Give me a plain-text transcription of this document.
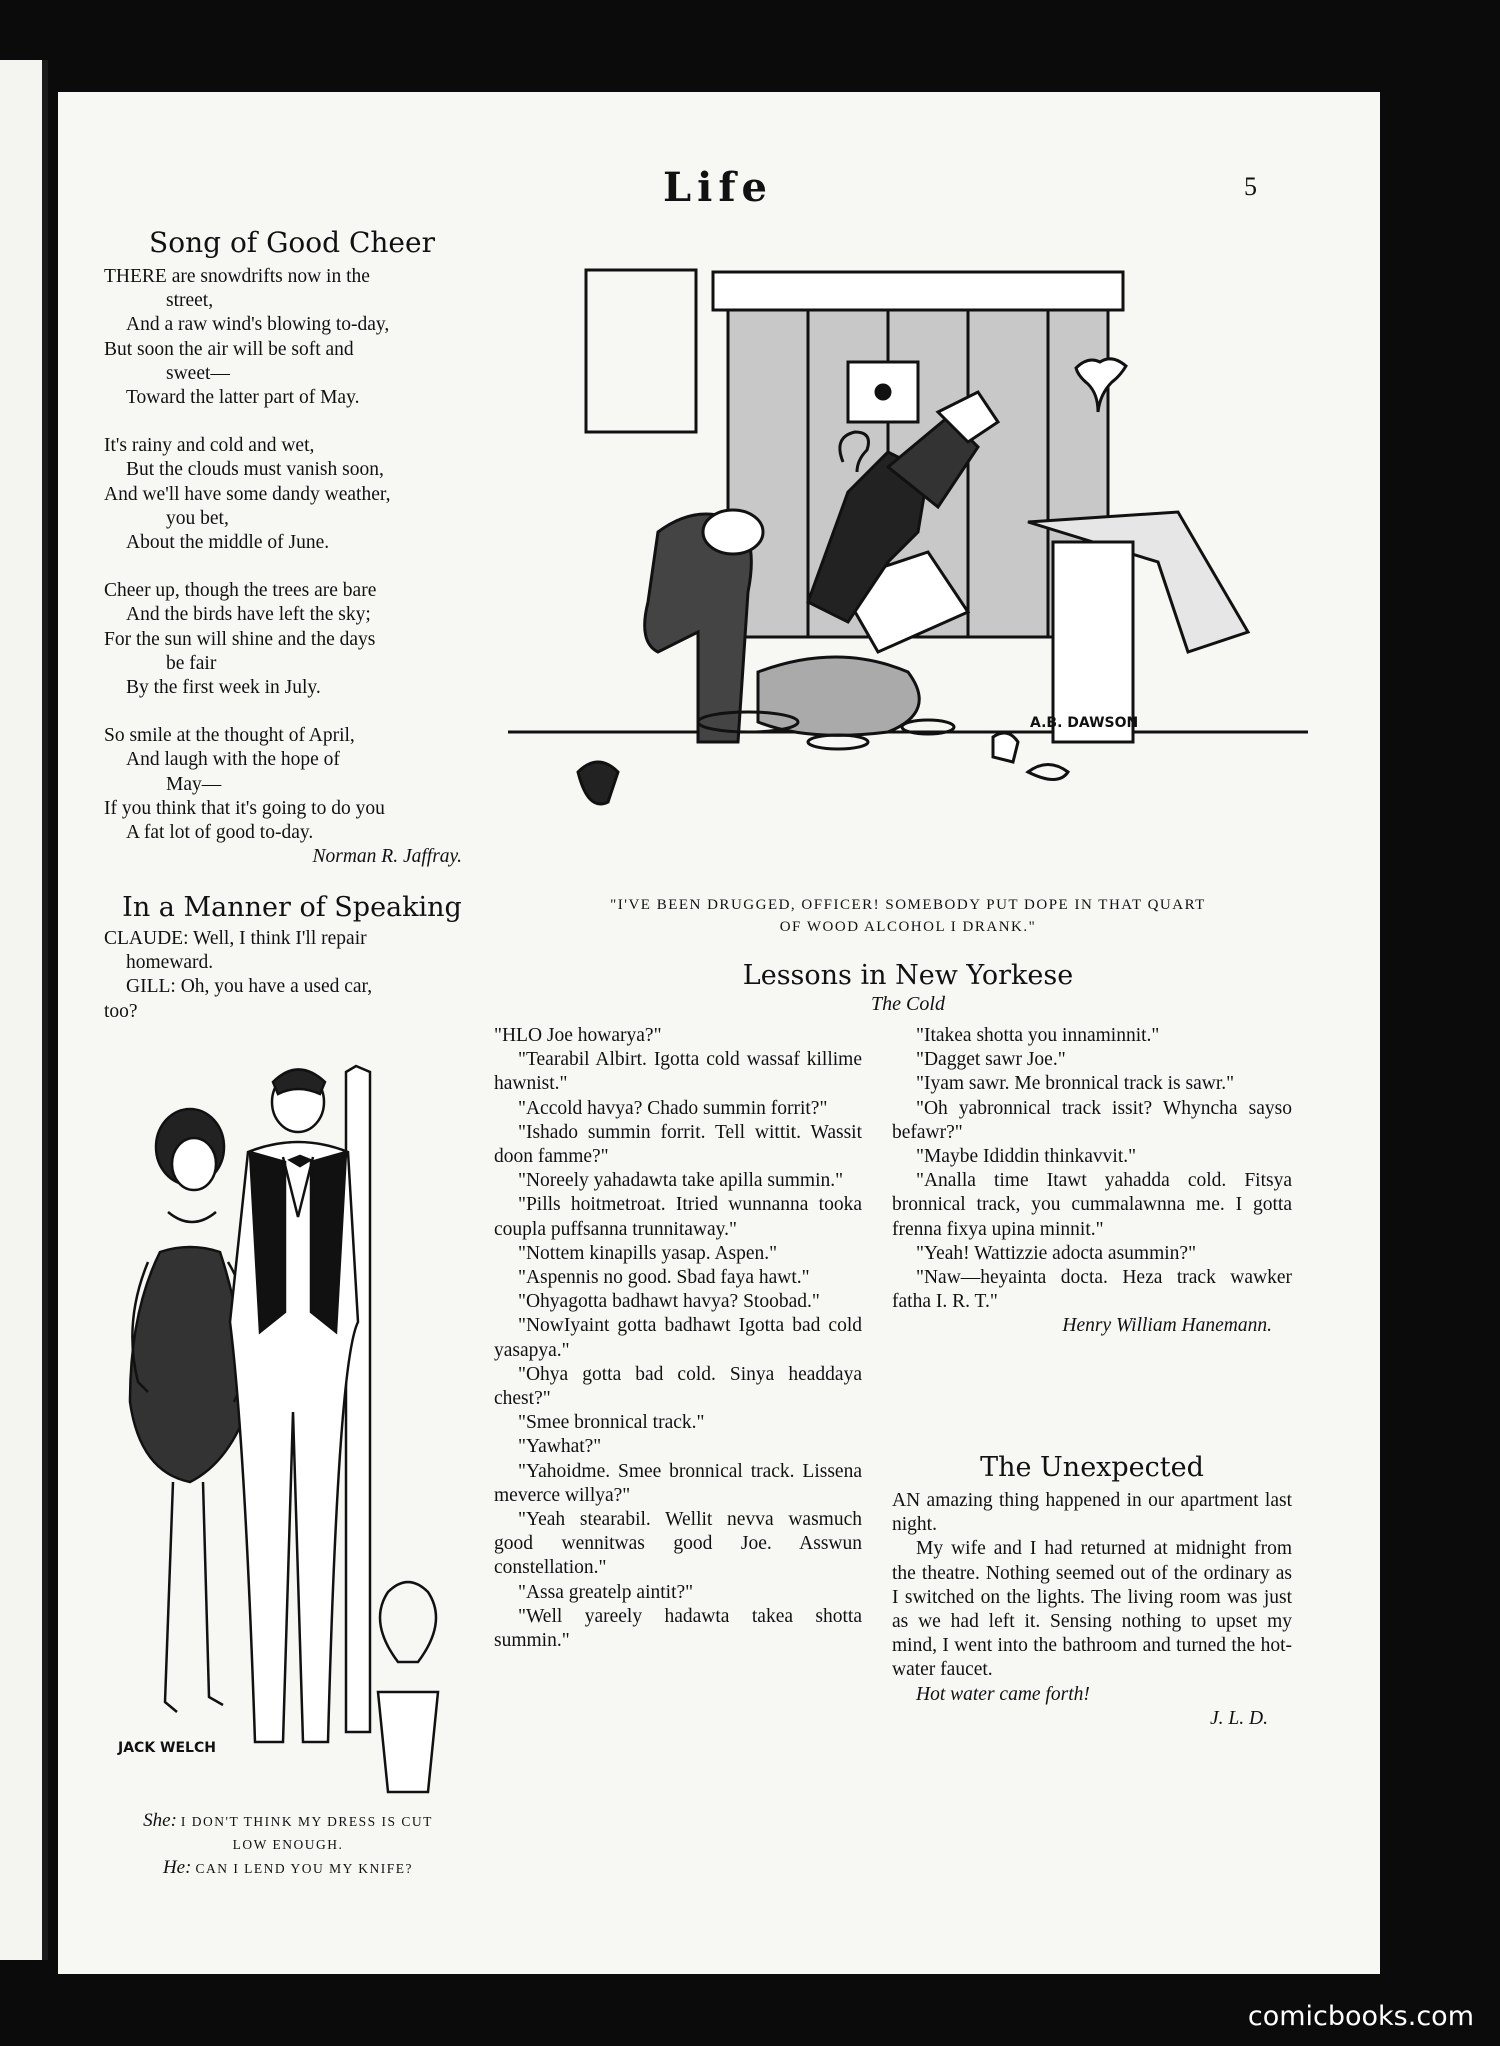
Life	5
Song of Good Cheer
THERE are snowdrifts now in the
street,
And a raw wind's blowing to-day,
But soon the air will be soft and
sweet—
Toward the latter part of May.
It's rainy and cold and wet,
But the clouds must vanish soon,
And we'll have some dandy weather,
you bet,
About the middle of June.
Cheer up, though the trees are bare
And the birds have left the sky;
For the sun will shine and the days
be fair
By the first week in July.
So smile at the thought of April,
And laugh with the hope of
May—
If you think that it's going to do you
A fat lot of good to-day.
Norman R. Jaffray.
In a Manner of Speaking
CLAUDE: Well, I think I'll repair
homeward.
GILL: Oh, you have a used car,
too?
A.B. DAWSON
"I'VE BEEN DRUGGED, OFFICER! SOMEBODY PUT DOPE IN THAT QUART
OF WOOD ALCOHOL I DRANK."
Lessons in New Yorkese
The Cold

"HLO Joe howarya?"

"Tearabil Albirt. Igotta cold wassaf killime hawnist."

"Accold havya? Chado summin forrit?"

"Ishado summin forrit. Tell wittit. Wassit doon famme?"

"Noreely yahadawta take apilla summin."

"Pills hoitmetroat. Itried wunnanna tooka coupla puffsanna trunnitaway."

"Nottem kinapills yasap. Aspen."

"Aspennis no good. Sbad faya hawt."

"Ohyagotta badhawt havya? Stoobad."

"NowIyaint gotta badhawt Igotta bad cold yasapya."

"Ohya gotta bad cold. Sinya headdaya chest?"

"Smee bronnical track."

"Yawhat?"

"Yahoidme. Smee bronnical track. Lissena meverce willya?"

"Yeah stearabil. Wellit nevva wasmuch good wennitwas good Joe. Asswun constellation."

"Assa greatelp aintit?"

"Well yareely hadawta takea shotta summin."

"Itakea shotta you innaminnit."

"Dagget sawr Joe."

"Iyam sawr. Me bronnical track is sawr."

"Oh yabronnical track issit? Whyncha sayso befawr?"

"Maybe Ididdin thinkavvit."

"Analla time Itawt yahadda cold. Fitsya bronnical track, you cummalawnna me. I gotta frenna fixya upina minnit."

"Yeah! Wattizzie adocta asummin?"

"Naw—heyainta docta. Heza track wawker fatha I. R. T."

Henry William Hanemann.
The Unexpected

AN amazing thing happened in our apartment last night.

My wife and I had returned at midnight from the theatre. Nothing seemed out of the ordinary as I switched on the lights. The living room was just as we had left it. Sensing nothing to upset my mind, I went into the bathroom and turned the hot-water faucet.

Hot water came forth!

J. L. D.
JACK WELCH
She: I DON'T THINK MY DRESS IS CUT
LOW ENOUGH.
He: CAN I LEND YOU MY KNIFE?
comicbooks.com
